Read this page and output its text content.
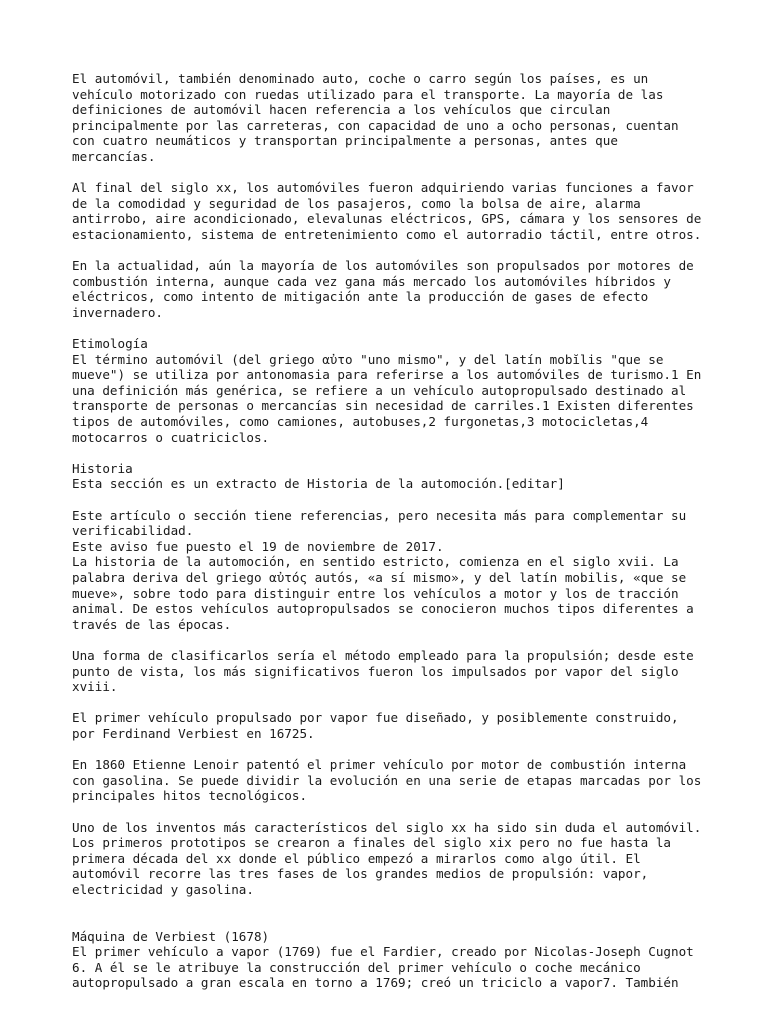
El automóvil, también denominado auto, coche o carro según los países, es un
vehículo motorizado con ruedas utilizado para el transporte. La mayoría de las
definiciones de automóvil hacen referencia a los vehículos que circulan
principalmente por las carreteras, con capacidad de uno a ocho personas, cuentan
con cuatro neumáticos y transportan principalmente a personas, antes que
mercancías.
Al final del siglo xx, los automóviles fueron adquiriendo varias funciones a favor
de la comodidad y seguridad de los pasajeros, como la bolsa de aire, alarma
antirrobo, aire acondicionado, elevalunas eléctricos, GPS, cámara y los sensores de
estacionamiento, sistema de entretenimiento como el autorradio táctil, entre otros.
En la actualidad, aún la mayoría de los automóviles son propulsados por motores de
combustión interna, aunque cada vez gana más mercado los automóviles híbridos y
eléctricos, como intento de mitigación ante la producción de gases de efecto
invernadero.
Etimología
El término automóvil (del griego αὐτο "uno mismo", y del latín mobĭlis "que se
mueve") se utiliza por antonomasia para referirse a los automóviles de turismo.1 En
una definición más genérica, se refiere a un vehículo autopropulsado destinado al
transporte de personas o mercancías sin necesidad de carriles.1 Existen diferentes
tipos de automóviles, como camiones, autobuses,2 furgonetas,3 motocicletas,4
motocarros o cuatriciclos.
Historia
Esta sección es un extracto de Historia de la automoción.[editar]
Este artículo o sección tiene referencias, pero necesita más para complementar su
verificabilidad.
Este aviso fue puesto el 19 de noviembre de 2017.
La historia de la automoción, en sentido estricto, comienza en el siglo xvii. La
palabra deriva del griego αὐτός autós, «a sí mismo», y del latín mobilis, «que se
mueve», sobre todo para distinguir entre los vehículos a motor y los de tracción
animal. De estos vehículos autopropulsados se conocieron muchos tipos diferentes a
través de las épocas.
Una forma de clasificarlos sería el método empleado para la propulsión; desde este
punto de vista, los más significativos fueron los impulsados por vapor del siglo
xviii.
El primer vehículo propulsado por vapor fue diseñado, y posiblemente construido,
por Ferdinand Verbiest en 16725.
En 1860 Etienne Lenoir patentó el primer vehículo por motor de combustión interna
con gasolina. Se puede dividir la evolución en una serie de etapas marcadas por los
principales hitos tecnológicos.
Uno de los inventos más característicos del siglo xx ha sido sin duda el automóvil.
Los primeros prototipos se crearon a finales del siglo xix pero no fue hasta la
primera década del xx donde el público empezó a mirarlos como algo útil. El
automóvil recorre las tres fases de los grandes medios de propulsión: vapor,
electricidad y gasolina.
Máquina de Verbiest (1678)
El primer vehículo a vapor (1769) fue el Fardier, creado por Nicolas-Joseph Cugnot
6. A él se le atribuye la construcción del primer vehículo o coche mecánico
autopropulsado a gran escala en torno a 1769; creó un triciclo a vapor7. También
